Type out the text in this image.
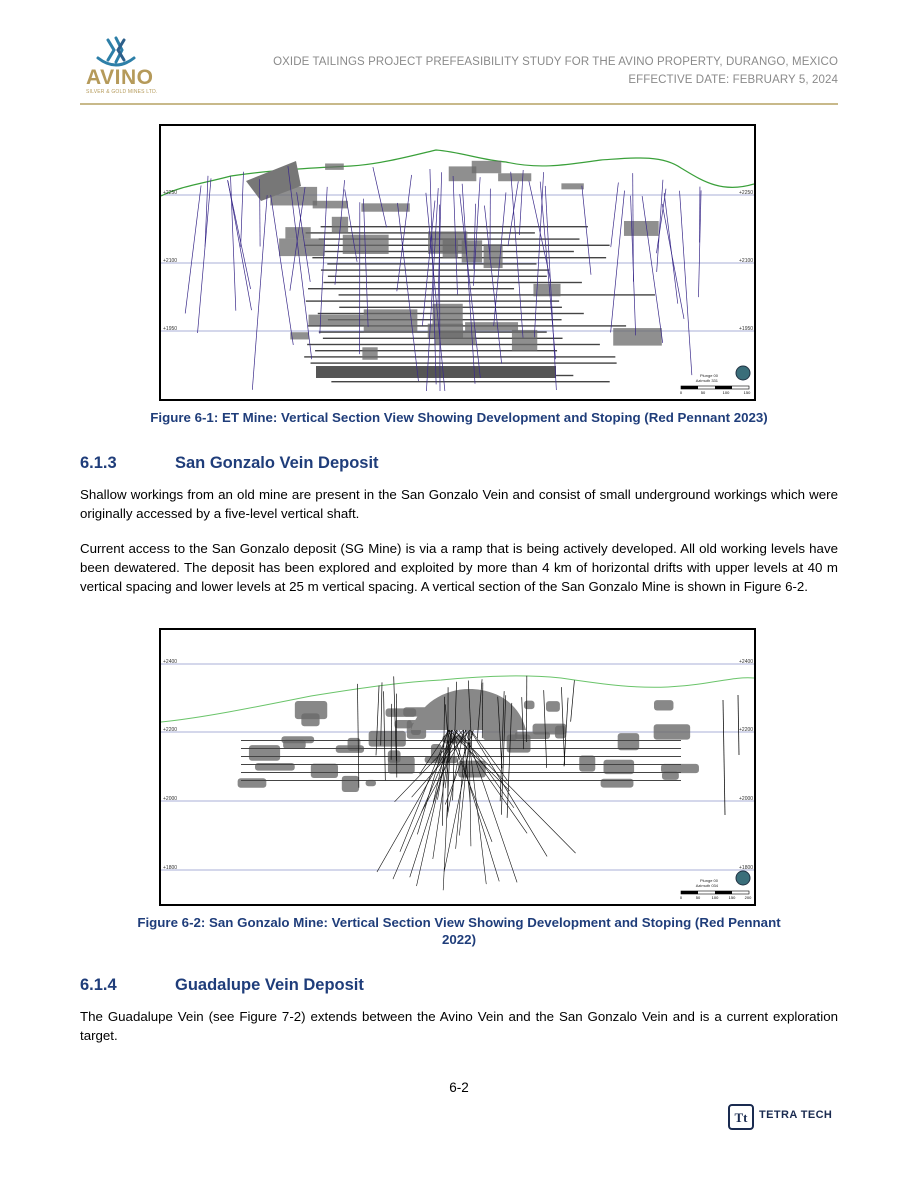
AVINO
SILVER & GOLD MINES LTD.
OXIDE TAILINGS PROJECT PREFEASIBILITY STUDY FOR THE AVINO PROPERTY, DURANGO, MEXICO
EFFECTIVE DATE: FEBRUARY 5, 2024
+2250	+2250
+2100	+2100
+1950	+1950
Plunge 00
Azimuth 331
0	50	100	150
Figure 6-1: ET Mine: Vertical Section View Showing Development and Stoping (Red Pennant 2023)
6.1.3	San Gonzalo Vein Deposit
Shallow workings from an old mine are present in the San Gonzalo Vein and consist of small underground workings which were originally accessed by a five-level vertical shaft.
Current access to the San Gonzalo deposit (SG Mine) is via a ramp that is being actively developed. All old working levels have been dewatered. The deposit has been explored and exploited by more than 4 km of horizontal drifts with upper levels at 40 m vertical spacing and lower levels at 25 m vertical spacing. A vertical section of the San Gonzalo Mine is shown in Figure 6-2.
+2400	+2400
+2200	+2200
+2000	+2000
+1800	+1800
Plunge 00
Azimuth 034
0	50	100	150 200
Figure 6-2: San Gonzalo Mine: Vertical Section View Showing Development and Stoping (Red Pennant
2022)
6.1.4	Guadalupe Vein Deposit
The Guadalupe Vein (see Figure 7-2) extends between the Avino Vein and the San Gonzalo Vein and is a current exploration target.
6-2
Tt TETRA TECH
